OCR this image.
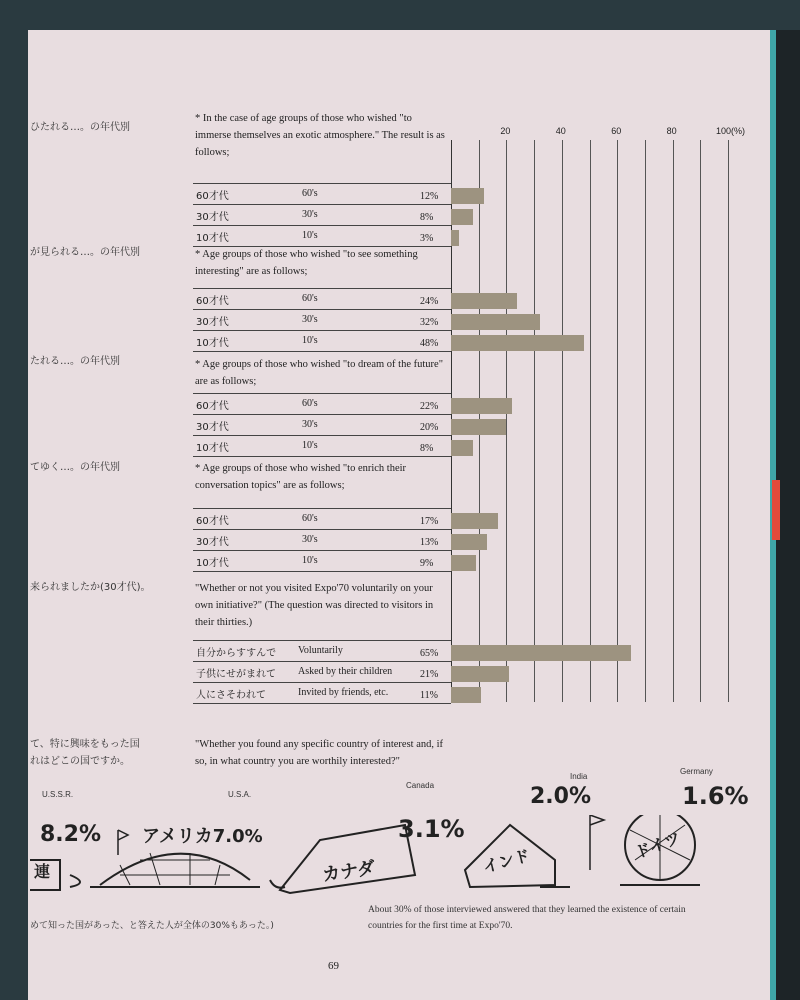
ひたれる…。の年代別
が見られる…。の年代別
たれる…。の年代別
てゆく…。の年代別
来られましたか(30才代)。
て、特に興味をもった国
れはどこの国ですか。
めて知った国があった、と答えた人が全体の30%もあった。)
20	40	60	80	100(%)
* In the case of age groups of those who wished "to immerse themselves an exotic atmosphere." The result is as follows;
60才代	60's	12%
30才代	30's	8%
10才代	10's	3%
* Age groups of those who wished "to see something interesting" are as follows;
60才代	60's	24%
30才代	30's	32%
10才代	10's	48%
* Age groups of those who wished "to dream of the future" are as follows;
60才代	60's	22%
30才代	30's	20%
10才代	10's	8%
* Age groups of those who wished "to enrich their conversation topics" are as follows;
60才代	60's	17%
30才代	30's	13%
10才代	10's	9%
"Whether or not you visited Expo'70 voluntarily on your own initiative?" (The question was directed to visitors in their thirties.)
自分からすすんで Voluntarily	65%
子供にせがまれて Asked by their children	21%
人にさそわれて	Invited by friends, etc.	11%
"Whether you found any specific country of interest and, if so, in what country you are worthily interested?"
U.S.S.R.	U.S.A.
Canada
India
Germany
8.2% アメリカ7.0%	3.1%
2.0%	1.6%
連	カナダ	インド	ドイツ
About 30% of those interviewed answered that they learned the existence of certain countries for the first time at Expo'70.
69
